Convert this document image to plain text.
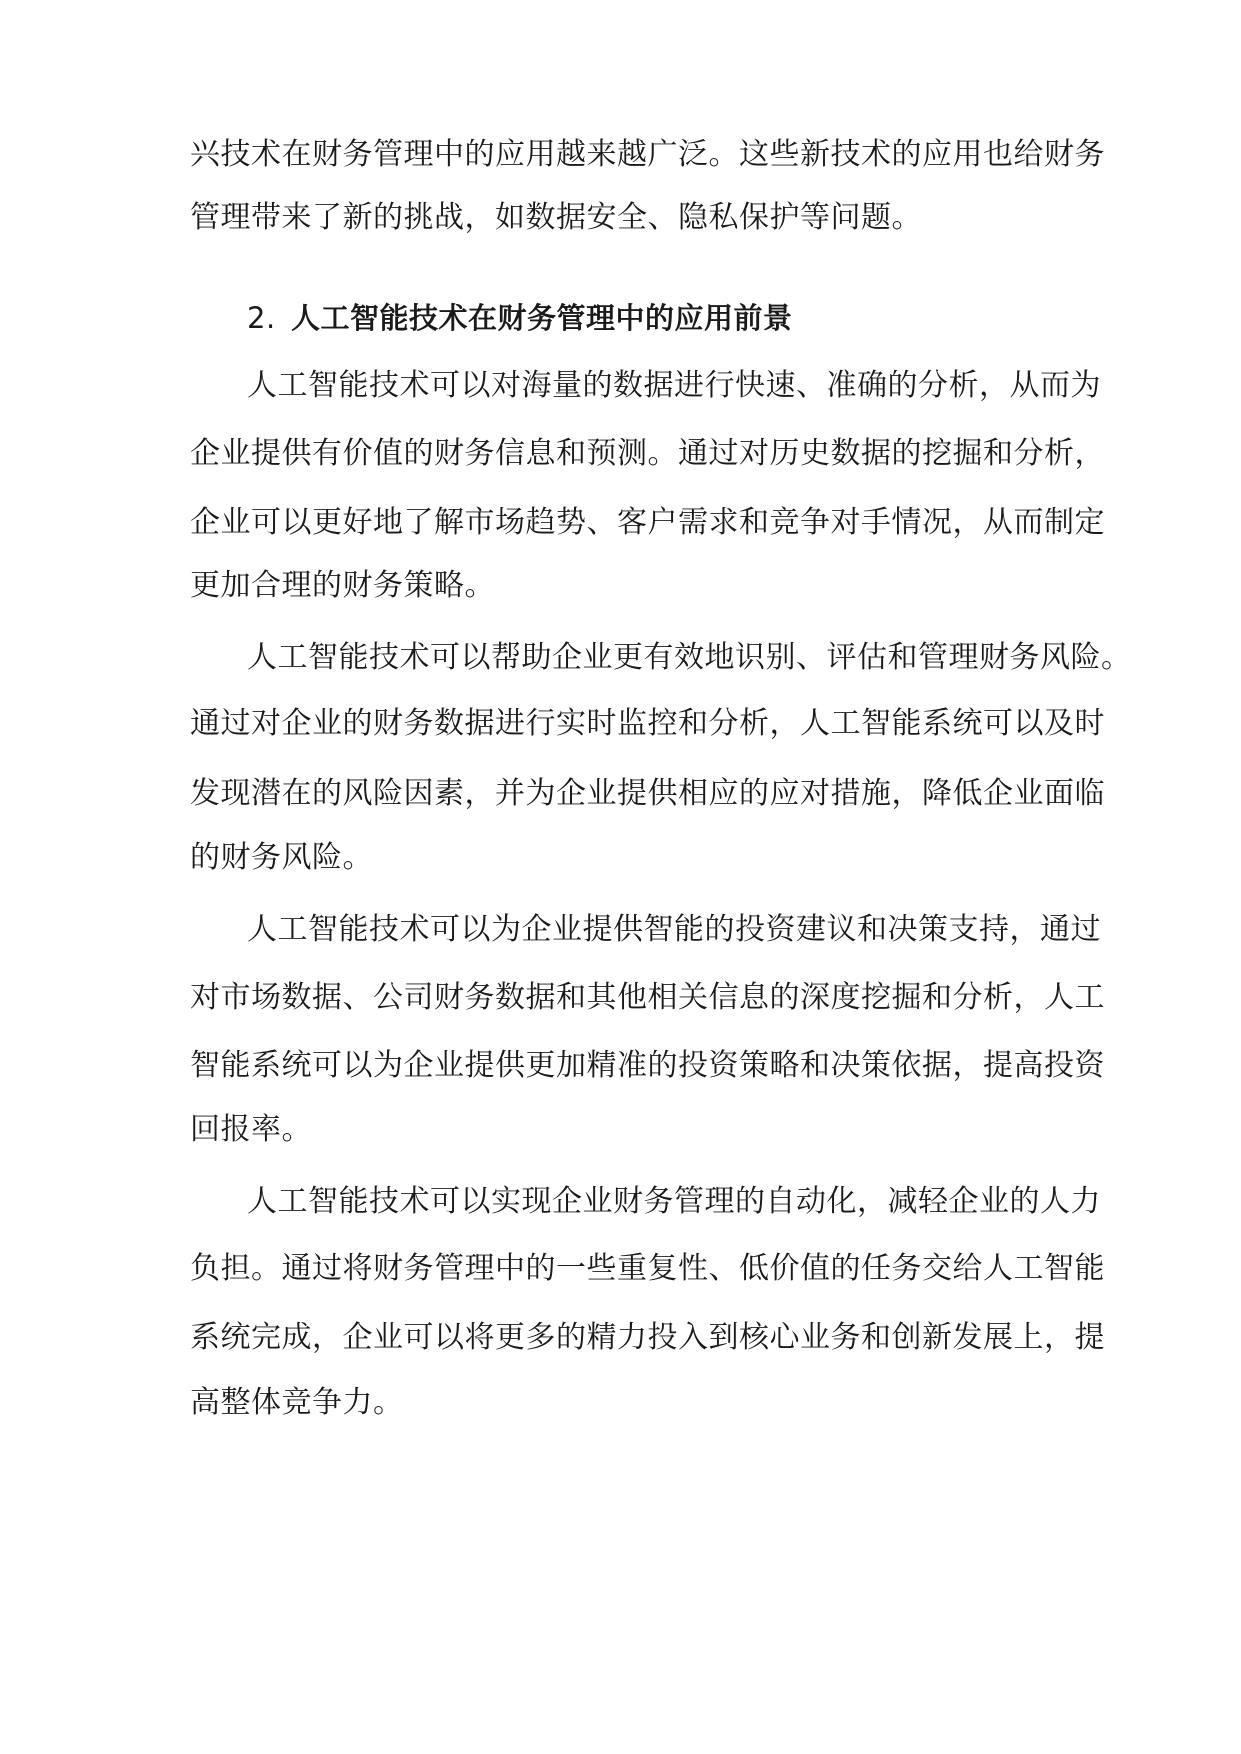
兴技术在财务管理中的应用越来越广泛。这些新技术的应用也给财务
管理带来了新的挑战，如数据安全、隐私保护等问题。
2. 人工智能技术在财务管理中的应用前景
人工智能技术可以对海量的数据进行快速、准确的分析，从而为
企业提供有价值的财务信息和预测。通过对历史数据的挖掘和分析，
企业可以更好地了解市场趋势、客户需求和竞争对手情况，从而制定
更加合理的财务策略。
人工智能技术可以帮助企业更有效地识别、评估和管理财务风险。
通过对企业的财务数据进行实时监控和分析，人工智能系统可以及时
发现潜在的风险因素，并为企业提供相应的应对措施，降低企业面临
的财务风险。
人工智能技术可以为企业提供智能的投资建议和决策支持，通过
对市场数据、公司财务数据和其他相关信息的深度挖掘和分析，人工
智能系统可以为企业提供更加精准的投资策略和决策依据，提高投资
回报率。
人工智能技术可以实现企业财务管理的自动化，减轻企业的人力
负担。通过将财务管理中的一些重复性、低价值的任务交给人工智能
系统完成，企业可以将更多的精力投入到核心业务和创新发展上，提
高整体竞争力。
